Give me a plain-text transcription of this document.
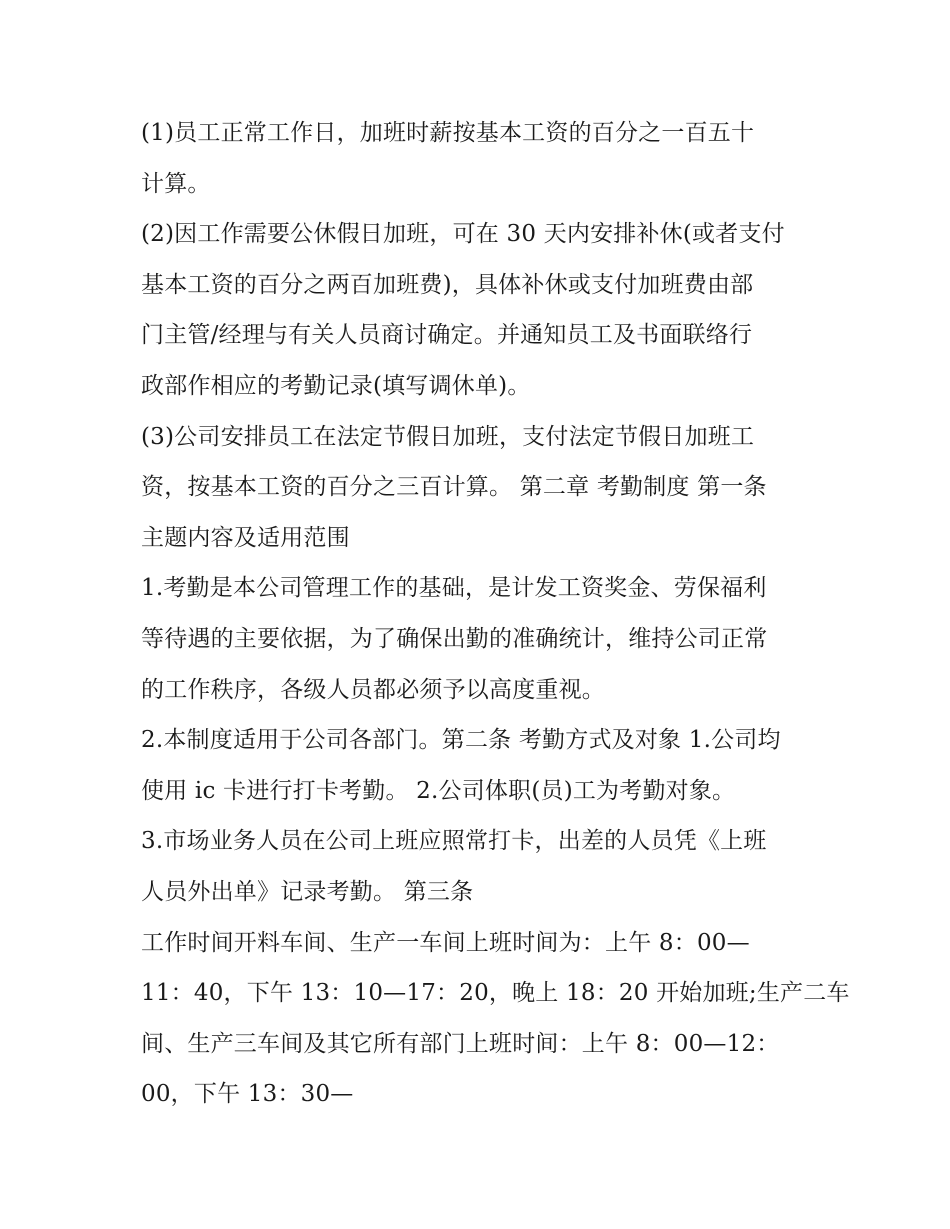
(1)员工正常工作日，加班时薪按基本工资的百分之一百五十
计算。
(2)因工作需要公休假日加班，可在 30 天内安排补休(或者支付
基本工资的百分之两百加班费)，具体补休或支付加班费由部
门主管/经理与有关人员商讨确定。并通知员工及书面联络行
政部作相应的考勤记录(填写调休单)。
(3)公司安排员工在法定节假日加班，支付法定节假日加班工
资，按基本工资的百分之三百计算。 第二章 考勤制度 第一条
主题内容及适用范围
1.考勤是本公司管理工作的基础，是计发工资奖金、劳保福利
等待遇的主要依据，为了确保出勤的准确统计，维持公司正常
的工作秩序，各级人员都必须予以高度重视。
2.本制度适用于公司各部门。第二条 考勤方式及对象 1.公司均
使用 ic 卡进行打卡考勤。 2.公司体职(员)工为考勤对象。
3.市场业务人员在公司上班应照常打卡，出差的人员凭《上班
人员外出单》记录考勤。 第三条
工作时间开料车间、生产一车间上班时间为：上午 8：00—
11：40，下午 13：10—17：20，晚上 18：20 开始加班;生产二车
间、生产三车间及其它所有部门上班时间：上午 8：00—12：
00，下午 13：30—
